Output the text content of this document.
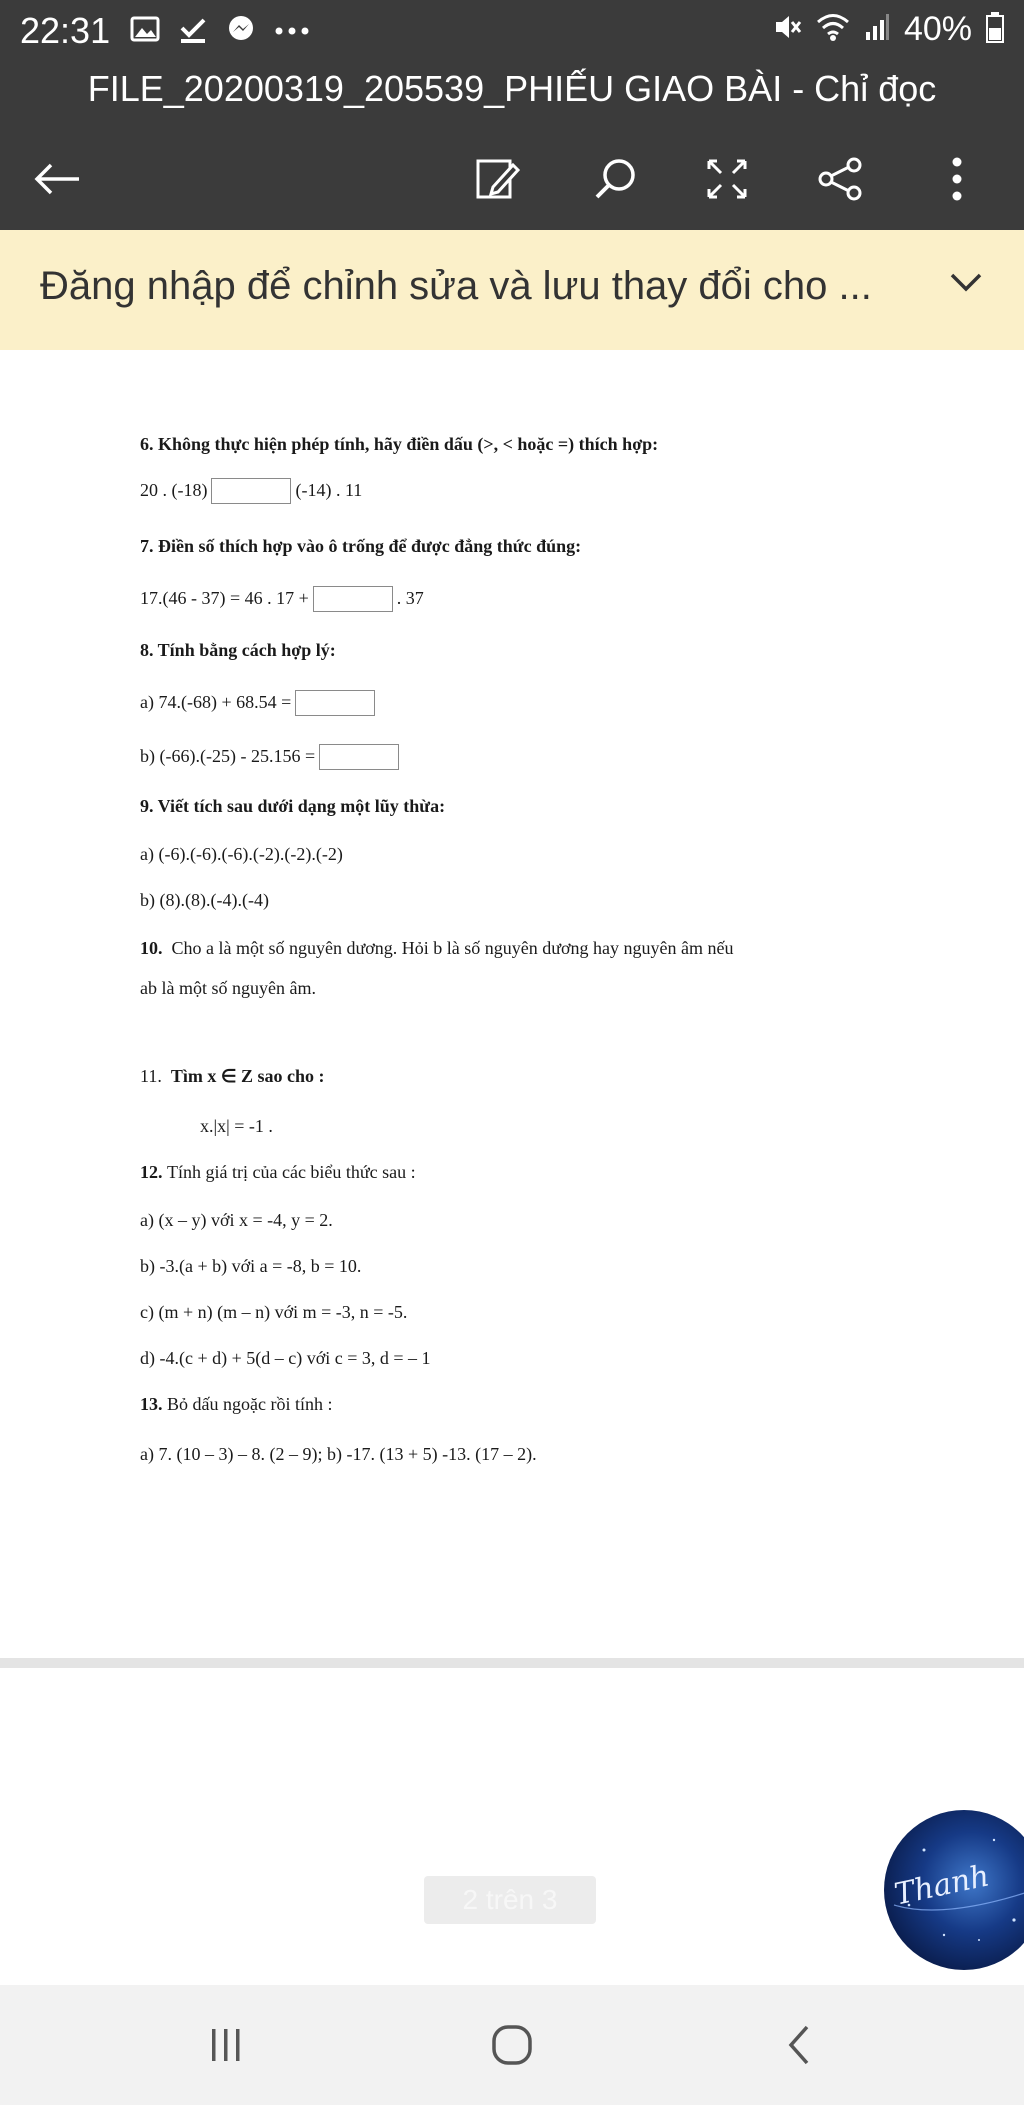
22:31	40%
FILE_20200319_205539_PHIẾU GIAO BÀI - Chỉ đọc
Đăng nhập để chỉnh sửa và lưu thay đổi cho ...
6. Không thực hiện phép tính, hãy điền dấu (>, < hoặc =) thích hợp:
20 . (-18)	(-14) . 11
7. Điền số thích hợp vào ô trống để được đẳng thức đúng:
17.(46 - 37) = 46 . 17 +	. 37
8. Tính bằng cách hợp lý:
a) 74.(-68) + 68.54 =
b) (-66).(-25) - 25.156 =
9. Viết tích sau dưới dạng một lũy thừa:
a) (-6).(-6).(-6).(-2).(-2).(-2)
b) (8).(8).(-4).(-4)
10. Cho a là một số nguyên dương. Hỏi b là số nguyên dương hay nguyên âm nếu
ab là một số nguyên âm.
11. Tìm x ∈ Z sao cho :
x.|x| = -1 .
12. Tính giá trị của các biểu thức sau :
a) (x – y) với x = -4, y = 2.
b) -3.(a + b) với a = -8, b = 10.
c) (m + n) (m – n) với m = -3, n = -5.
d) -4.(c + d) + 5(d – c) với c = 3, d = – 1
13. Bỏ dấu ngoặc rồi tính :
a) 7. (10 – 3) – 8. (2 – 9); b) -17. (13 + 5) -13. (17 – 2).
2 trên 3	Thanh
